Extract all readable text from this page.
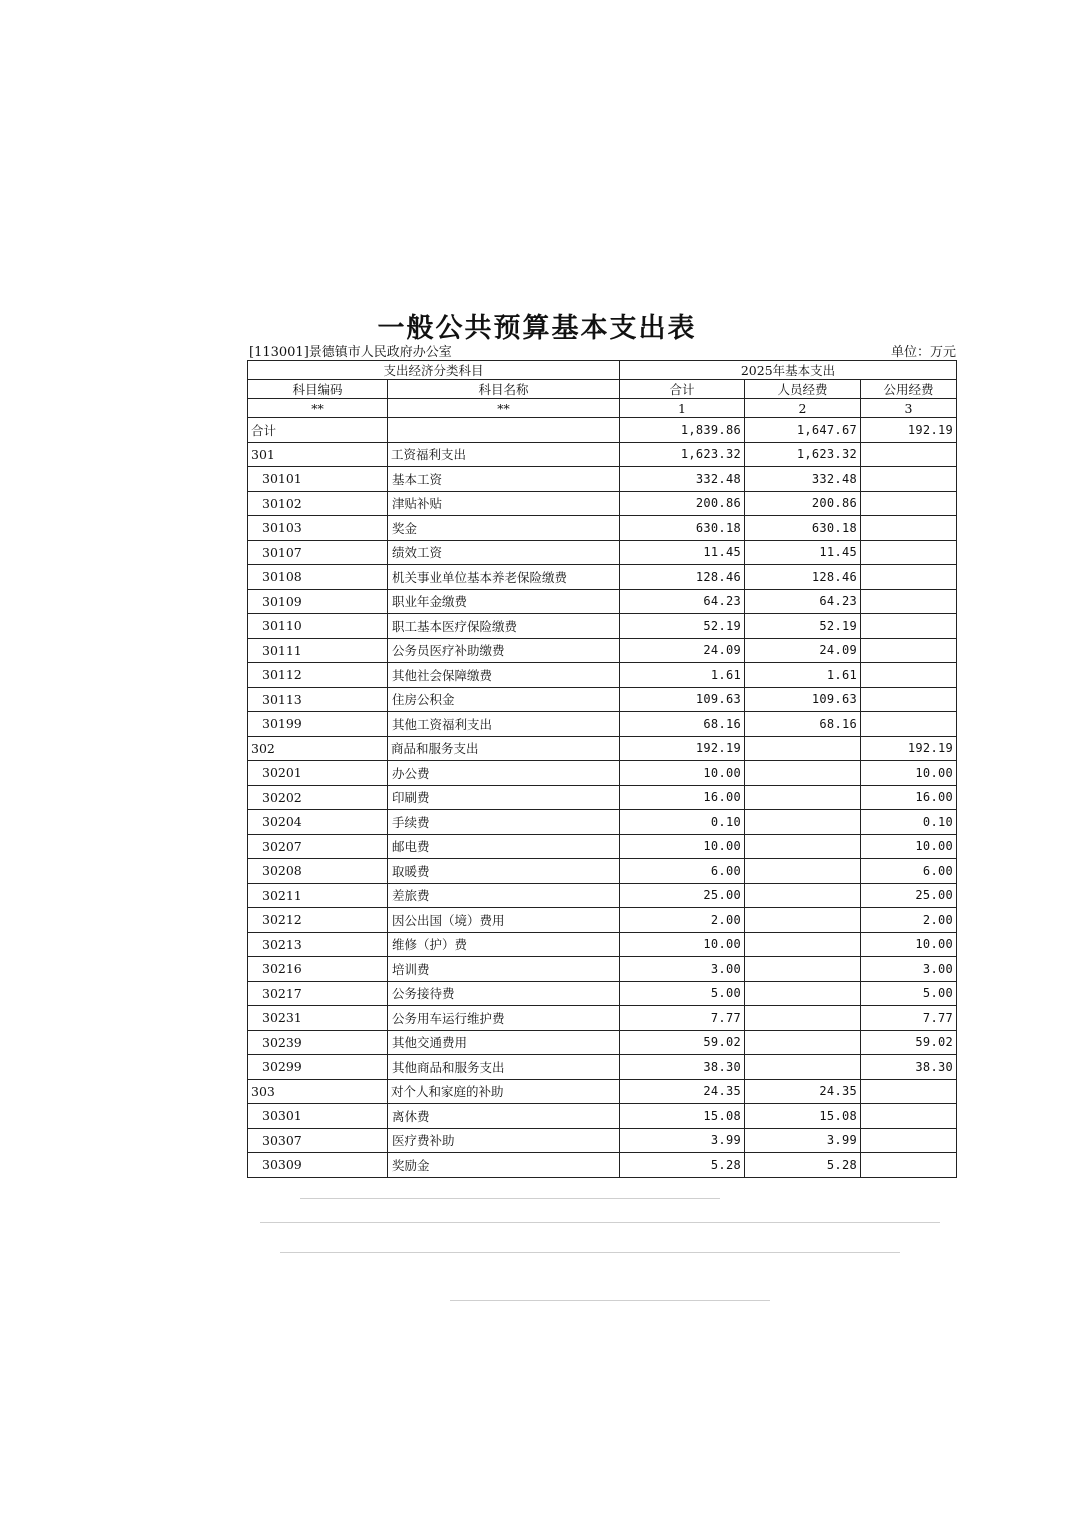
一般公共预算基本支出表
[113001]景德镇市人民政府办公室	单位：万元
支出经济分类科目		2025年基本支出		
科目编码	科目名称	合计	人员经费	公用经费
**	**	1	2	3
合计		1,839.86	1,647.67	192.19
301	工资福利支出	1,623.32	1,623.32	
30101	基本工资	332.48	332.48	
30102	津贴补贴	200.86	200.86	
30103	奖金	630.18	630.18	
30107	绩效工资	11.45	11.45	
30108	机关事业单位基本养老保险缴费	128.46	128.46	
30109	职业年金缴费	64.23	64.23	
30110	职工基本医疗保险缴费	52.19	52.19	
30111	公务员医疗补助缴费	24.09	24.09	
30112	其他社会保障缴费	1.61	1.61	
30113	住房公积金	109.63	109.63	
30199	其他工资福利支出	68.16	68.16	
302	商品和服务支出	192.19		192.19
30201	办公费	10.00		10.00
30202	印刷费	16.00		16.00
30204	手续费	0.10		0.10
30207	邮电费	10.00		10.00
30208	取暖费	6.00		6.00
30211	差旅费	25.00		25.00
30212	因公出国（境）费用	2.00		2.00
30213	维修（护）费	10.00		10.00
30216	培训费	3.00		3.00
30217	公务接待费	5.00		5.00
30231	公务用车运行维护费	7.77		7.77
30239	其他交通费用	59.02		59.02
30299	其他商品和服务支出	38.30		38.30
303	对个人和家庭的补助	24.35	24.35	
30301	离休费	15.08	15.08	
30307	医疗费补助	3.99	3.99	
30309	奖励金	5.28	5.28	
